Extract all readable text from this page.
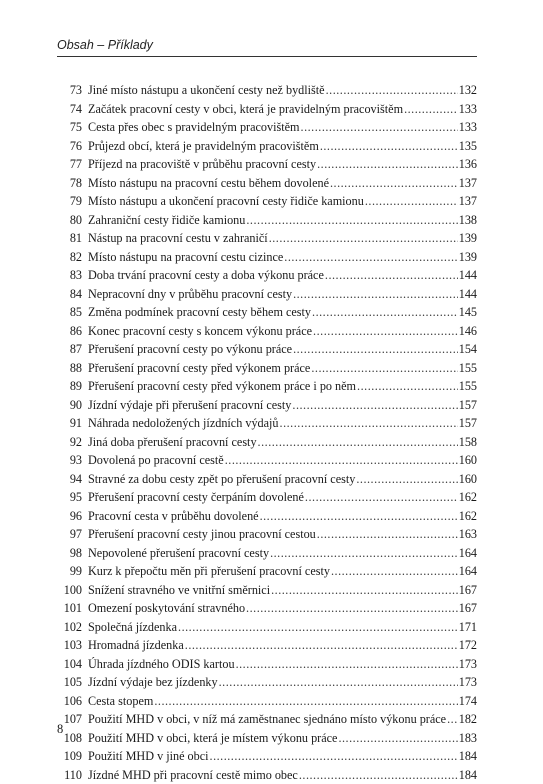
Obsah – Příklady
73 Jiné místo nástupu a ukončení cesty než bydliště .....	132
74 Začátek pracovní cesty v obci, která je pravidelným pracovištěm .....	133
75 Cesta přes obec s pravidelným pracovištěm .....	133
76 Průjezd obcí, která je pravidelným pracovištěm .....	135
77 Příjezd na pracoviště v průběhu pracovní cesty .....	136
78 Místo nástupu na pracovní cestu během dovolené .....	137
79 Místo nástupu a ukončení pracovní cesty řidiče kamionu .....	137
80 Zahraniční cesty řidiče kamionu .....	138
81 Nástup na pracovní cestu v zahraničí .....	139
82 Místo nástupu na pracovní cestu cizince .....	139
83 Doba trvání pracovní cesty a doba výkonu práce .....	144
84 Nepracovní dny v průběhu pracovní cesty .....	144
85 Změna podmínek pracovní cesty během cesty .....	145
86 Konec pracovní cesty s koncem výkonu práce .....	146
87 Přerušení pracovní cesty po výkonu práce .....	154
88 Přerušení pracovní cesty před výkonem práce .....	155
89 Přerušení pracovní cesty před výkonem práce i po něm .....	155
90 Jízdní výdaje při přerušení pracovní cesty .....	157
91 Náhrada nedoložených jízdních výdajů .....	157
92 Jiná doba přerušení pracovní cesty .....	158
93 Dovolená po pracovní cestě .....	160
94 Stravné za dobu cesty zpět po přerušení pracovní cesty .....	160
95 Přerušení pracovní cesty čerpáním dovolené .....	162
96 Pracovní cesta v průběhu dovolené .....	162
97 Přerušení pracovní cesty jinou pracovní cestou .....	163
98 Nepovolené přerušení pracovní cesty .....	164
99 Kurz k přepočtu měn při přerušení pracovní cesty .....	164
100 Snížení stravného ve vnitřní směrnici .....	167
101 Omezení poskytování stravného .....	167
102 Společná jízdenka .....	171
103 Hromadná jízdenka .....	172
104 Úhrada jízdného ODIS kartou .....	173
105 Jízdní výdaje bez jízdenky .....	173
106 Cesta stopem .....	174
107 Použití MHD v obci, v níž má zaměstnanec sjednáno místo výkonu práce ..... 182
108 Použití MHD v obci, která je místem výkonu práce .....	183
109 Použití MHD v jiné obci .....	184
110 Jízdné MHD při pracovní cestě mimo obec .....	184
8
